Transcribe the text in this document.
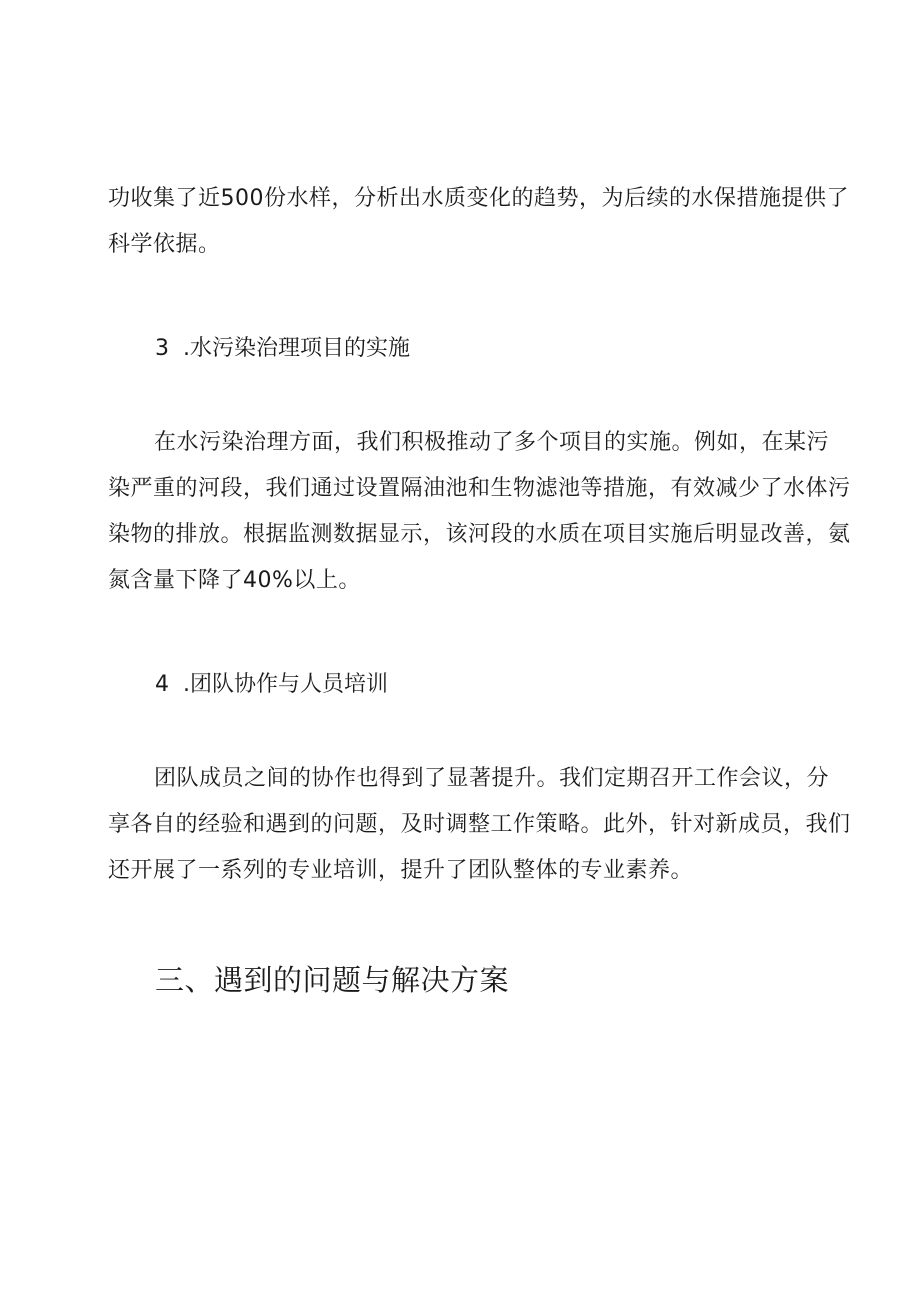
功收集了近500份水样，分析出水质变化的趋势，为后续的水保措施提供了
科学依据。

3 .水污染治理项目的实施

在水污染治理方面，我们积极推动了多个项目的实施。例如，在某污
染严重的河段，我们通过设置隔油池和生物滤池等措施，有效减少了水体污
染物的排放。根据监测数据显示，该河段的水质在项目实施后明显改善，氨
氮含量下降了40%以上。

4 .团队协作与人员培训

团队成员之间的协作也得到了显著提升。我们定期召开工作会议，分
享各自的经验和遇到的问题，及时调整工作策略。此外，针对新成员，我们
还开展了一系列的专业培训，提升了团队整体的专业素养。

三、遇到的问题与解决方案
